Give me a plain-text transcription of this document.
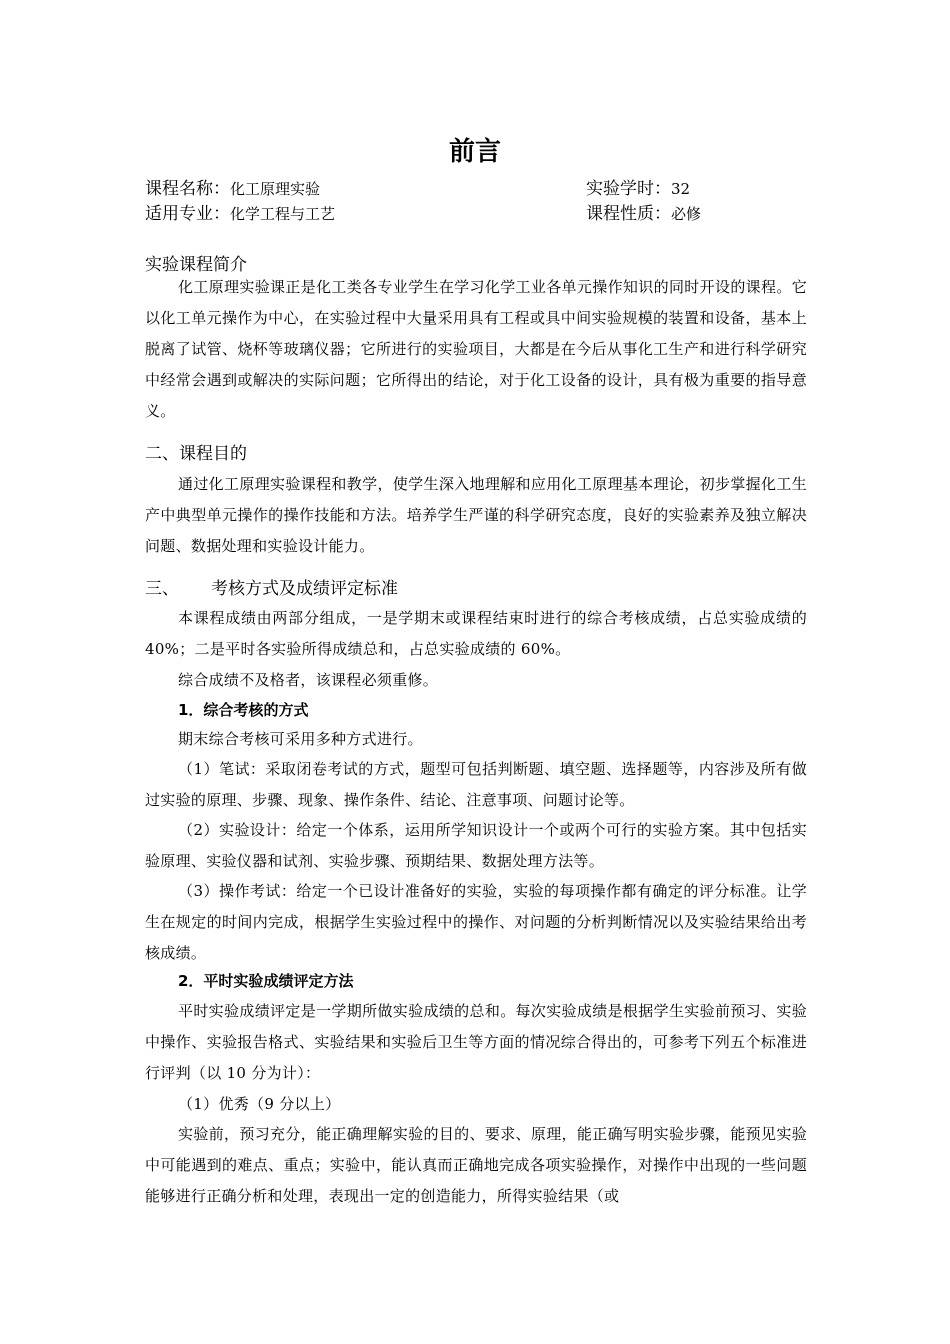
前言
课程名称：化工原理实验	实验学时：32
适用专业：化学工程与工艺	课程性质：必修
实验课程简介

化工原理实验课正是化工类各专业学生在学习化学工业各单元操作知识的同时开设的课程。它以化工单元操作为中心，在实验过程中大量采用具有工程或具中间实验规模的装置和设备，基本上脱离了试管、烧杯等玻璃仪器；它所进行的实验项目，大都是在今后从事化工生产和进行科学研究中经常会遇到或解决的实际问题；它所得出的结论，对于化工设备的设计，具有极为重要的指导意义。

二、课程目的

通过化工原理实验课程和教学，使学生深入地理解和应用化工原理基本理论，初步掌握化工生产中典型单元操作的操作技能和方法。培养学生严谨的科学研究态度，良好的实验素养及独立解决问题、数据处理和实验设计能力。

三、 考核方式及成绩评定标准

本课程成绩由两部分组成，一是学期末或课程结束时进行的综合考核成绩，占总实验成绩的 40%；二是平时各实验所得成绩总和，占总实验成绩的 60%。

综合成绩不及格者，该课程必须重修。

1．综合考核的方式

期末综合考核可采用多种方式进行。

（1）笔试：采取闭卷考试的方式，题型可包括判断题、填空题、选择题等，内容涉及所有做过实验的原理、步骤、现象、操作条件、结论、注意事项、问题讨论等。

（2）实验设计：给定一个体系，运用所学知识设计一个或两个可行的实验方案。其中包括实验原理、实验仪器和试剂、实验步骤、预期结果、数据处理方法等。

（3）操作考试：给定一个已设计准备好的实验，实验的每项操作都有确定的评分标准。让学生在规定的时间内完成，根据学生实验过程中的操作、对问题的分析判断情况以及实验结果给出考核成绩。

2．平时实验成绩评定方法

平时实验成绩评定是一学期所做实验成绩的总和。每次实验成绩是根据学生实验前预习、实验中操作、实验报告格式、实验结果和实验后卫生等方面的情况综合得出的，可参考下列五个标准进行评判（以 10 分为计）：

（1）优秀（9 分以上）

实验前，预习充分，能正确理解实验的目的、要求、原理，能正确写明实验步骤，能预见实验中可能遇到的难点、重点；实验中，能认真而正确地完成各项实验操作，对操作中出现的一些问题能够进行正确分析和处理，表现出一定的创造能力，所得实验结果（或
